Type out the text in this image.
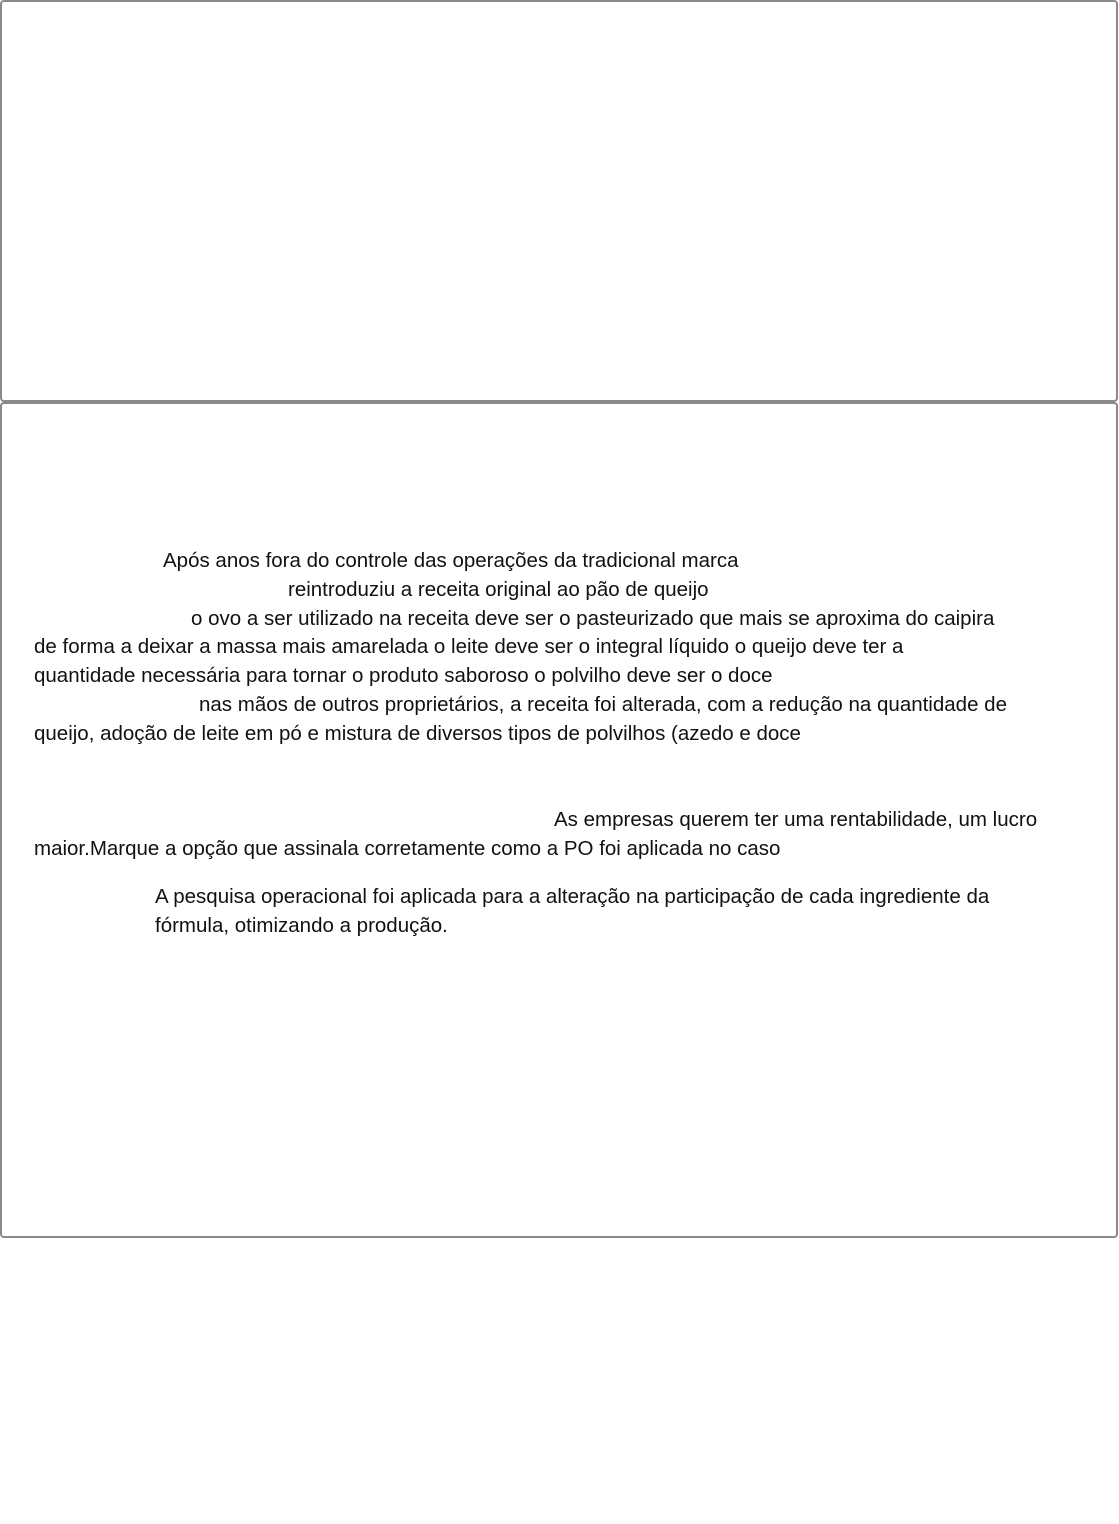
Após anos fora do controle das operações da tradicional marca

reintroduziu a receita original ao pão de queijo

o ovo a ser utilizado na receita deve ser o pasteurizado que mais se aproxima do caipira

de forma a deixar a massa mais amarelada o leite deve ser o integral líquido o queijo deve ter a

quantidade necessária para tornar o produto saboroso o polvilho deve ser o doce

nas mãos de outros proprietários, a receita foi alterada, com a redução na quantidade de

queijo, adoção de leite em pó e mistura de diversos tipos de polvilhos (azedo e doce

As empresas querem ter uma rentabilidade, um lucro

maior.Marque a opção que assinala corretamente como a PO foi aplicada no caso

A pesquisa operacional foi aplicada para a alteração na participação de cada ingrediente da

fórmula, otimizando a produção.
